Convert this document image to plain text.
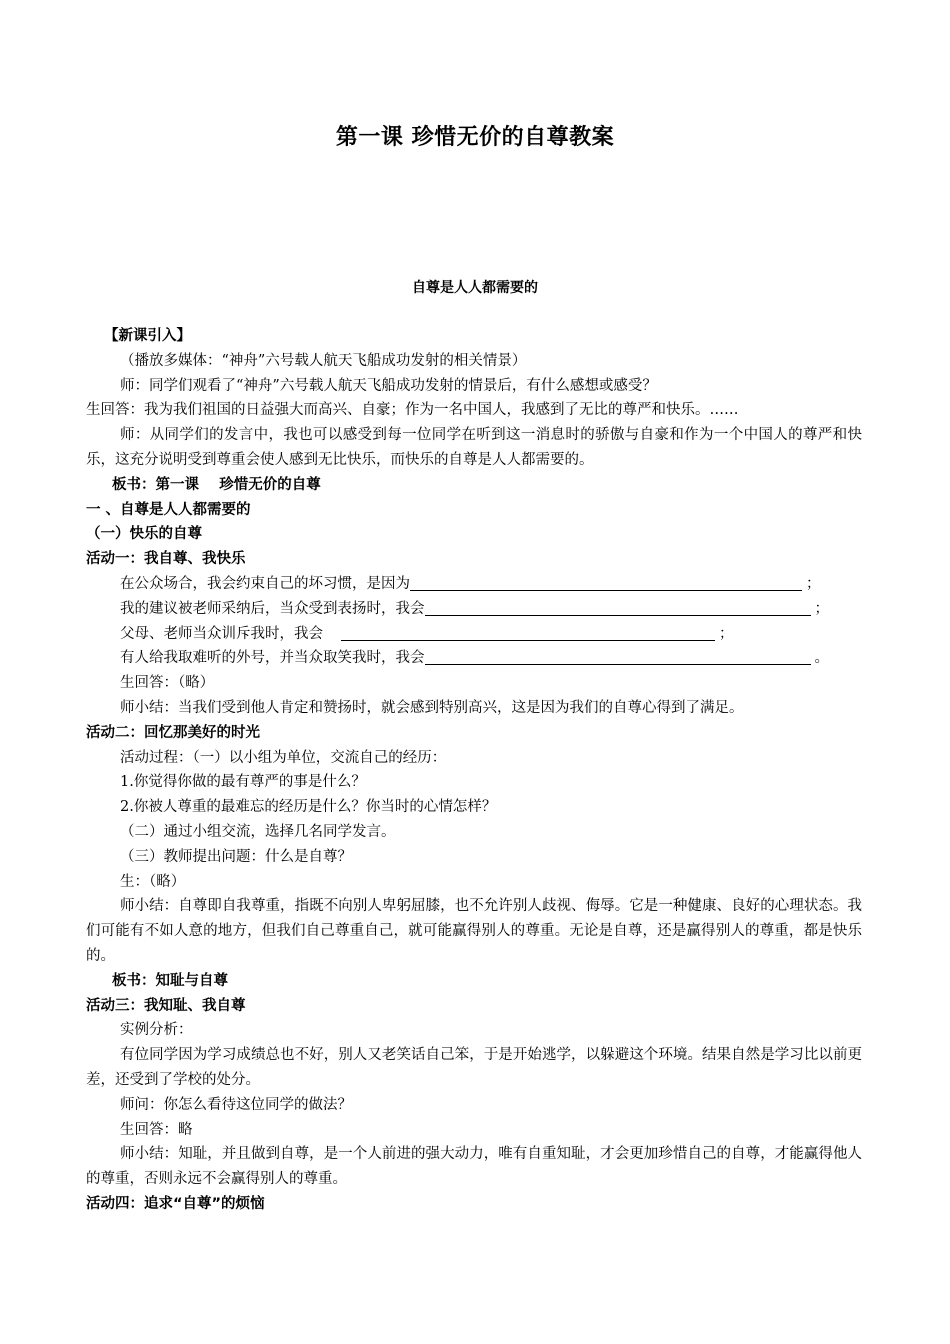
第一课 珍惜无价的自尊教案
自尊是人人都需要的

【新课引入】

（播放多媒体：“神舟”六号载人航天飞船成功发射的相关情景）

师：同学们观看了“神舟”六号载人航天飞船成功发射的情景后，有什么感想或感受？

生回答：我为我们祖国的日益强大而高兴、自豪；作为一名中国人，我感到了无比的尊严和快乐。……

师：从同学们的发言中，我也可以感受到每一位同学在听到这一消息时的骄傲与自豪和作为一个中国人的尊严和快乐，这充分说明受到尊重会使人感到无比快乐，而快乐的自尊是人人都需要的。

板书：第一课    珍惜无价的自尊

一 、自尊是人人都需要的

（一）快乐的自尊

活动一：我自尊、我快乐

在公众场合，我会约束自己的坏习惯，是因为	；

我的建议被老师采纳后，当众受到表扬时，我会	；

父母、老师当众训斥我时，我会	；

有人给我取难听的外号，并当众取笑我时，我会	。

生回答：（略）

师小结：当我们受到他人肯定和赞扬时，就会感到特别高兴，这是因为我们的自尊心得到了满足。

活动二：回忆那美好的时光

活动过程：（一）以小组为单位，交流自己的经历：

1.你觉得你做的最有尊严的事是什么？

2.你被人尊重的最难忘的经历是什么？你当时的心情怎样？

（二）通过小组交流，选择几名同学发言。

（三）教师提出问题：什么是自尊？

生：（略）

师小结：自尊即自我尊重，指既不向别人卑躬屈膝，也不允许别人歧视、侮辱。它是一种健康、良好的心理状态。我们可能有不如人意的地方，但我们自己尊重自己，就可能赢得别人的尊重。无论是自尊，还是赢得别人的尊重，都是快乐的。

板书：知耻与自尊

活动三：我知耻、我自尊

实例分析：

有位同学因为学习成绩总也不好，别人又老笑话自己笨，于是开始逃学，以躲避这个环境。结果自然是学习比以前更差，还受到了学校的处分。

师问：你怎么看待这位同学的做法？

生回答：略

师小结：知耻，并且做到自尊，是一个人前进的强大动力，唯有自重知耻，才会更加珍惜自己的自尊，才能赢得他人的尊重，否则永远不会赢得别人的尊重。

活动四：追求“自尊”的烦恼
